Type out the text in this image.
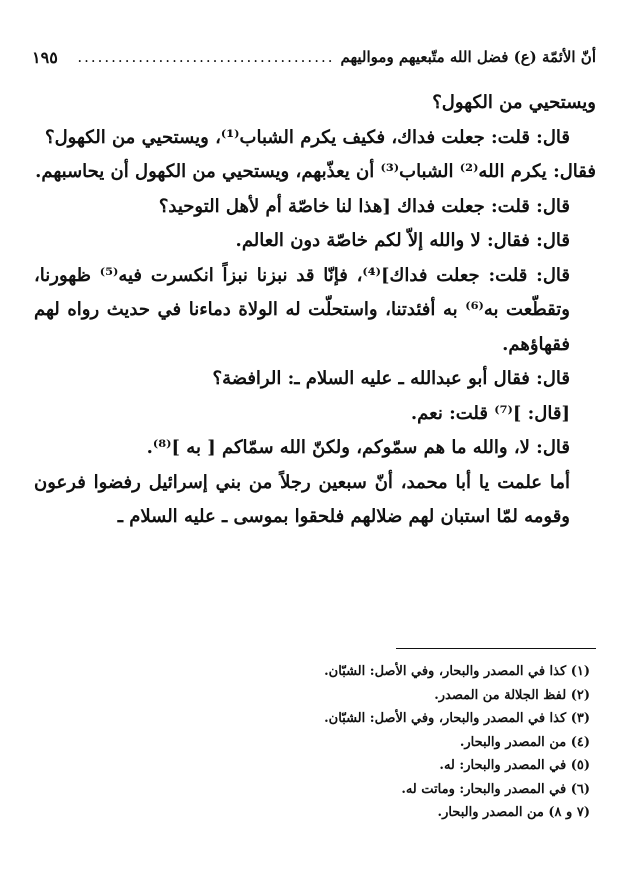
أنّ الأئمّة (ع) فضل الله متّبعيهم ومواليهم
......................................
١٩٥

ويستحيي من الكهول؟

قال: قلت: جعلت فداك، فكيف يكرم الشباب⁽¹⁾، ويستحيي من الكهول؟

فقال: يكرم الله⁽²⁾ الشباب⁽³⁾ أن يعذّبهم، ويستحيي من الكهول أن يحاسبهم.

قال: قلت: جعلت فداك [هذا لنا خاصّة أم لأهل التوحيد؟

قال: فقال: لا والله إلاّ لكم خاصّة دون العالم.

قال: قلت: جعلت فداك]⁽⁴⁾، فإنّا قد نبزنا نبزاً انكسرت فيه⁽⁵⁾ ظهورنا، وتقطّعت به⁽⁶⁾ به أفئدتنا، واستحلّت له الولاة دماءنا في حديث رواه لهم فقهاؤهم.

قال: فقال أبو عبدالله ـ عليه السلام ـ: الرافضة؟

[قال: ]⁽⁷⁾ قلت: نعم.

قال: لا، والله ما هم سمّوكم، ولكنّ الله سمّاكم [ به ]⁽⁸⁾.

أما علمت يا أبا محمد، أنّ سبعين رجلاً من بني إسرائيل رفضوا فرعون وقومه لمّا استبان لهم ضلالهم فلحقوا بموسى ـ عليه السلام ـ

(١) كذا في المصدر والبحار، وفي الأصل: الشبّان.

(٢) لفظ الجلالة من المصدر.

(٣) كذا في المصدر والبحار، وفي الأصل: الشبّان.

(٤) من المصدر والبحار.

(٥) في المصدر والبحار: له.

(٦) في المصدر والبحار: وماتت له.

(٧ و ٨) من المصدر والبحار.
